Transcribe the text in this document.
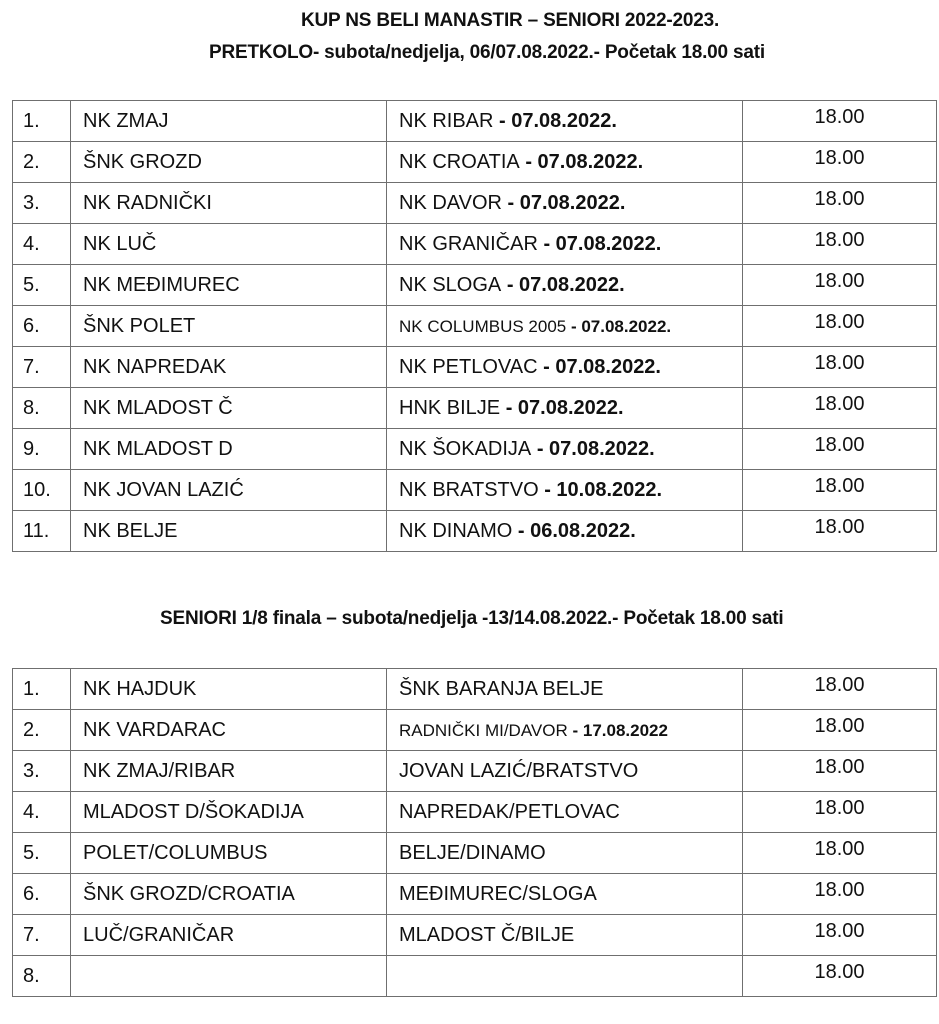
KUP NS BELI MANASTIR – SENIORI 2022-2023.
PRETKOLO- subota/nedjelja, 06/07.08.2022.- Početak 18.00 sati
1.	NK ZMAJ	NK RIBAR - 07.08.2022.	18.00
2.	ŠNK GROZD	NK CROATIA - 07.08.2022.	18.00
3.	NK RADNIČKI	NK DAVOR - 07.08.2022.	18.00
4.	NK LUČ	NK GRANIČAR - 07.08.2022.	18.00
5.	NK MEĐIMUREC	NK SLOGA - 07.08.2022.	18.00
6.	ŠNK POLET	NK COLUMBUS 2005 - 07.08.2022.	18.00
7.	NK NAPREDAK	NK PETLOVAC - 07.08.2022.	18.00
8.	NK MLADOST Č	HNK BILJE - 07.08.2022.	18.00
9.	NK MLADOST D	NK ŠOKADIJA - 07.08.2022.	18.00
10.	NK JOVAN LAZIĆ	NK BRATSTVO - 10.08.2022.	18.00
11.	NK BELJE	NK DINAMO - 06.08.2022.	18.00
SENIORI 1/8 finala – subota/nedjelja -13/14.08.2022.- Početak 18.00 sati
1.	NK HAJDUK	ŠNK BARANJA BELJE	18.00
2.	NK VARDARAC	RADNIČKI MI/DAVOR - 17.08.2022	18.00
3.	NK ZMAJ/RIBAR	JOVAN LAZIĆ/BRATSTVO	18.00
4.	MLADOST D/ŠOKADIJA	NAPREDAK/PETLOVAC	18.00
5.	POLET/COLUMBUS	BELJE/DINAMO	18.00
6.	ŠNK GROZD/CROATIA	MEĐIMUREC/SLOGA	18.00
7.	LUČ/GRANIČAR	MLADOST Č/BILJE	18.00
8.			18.00
